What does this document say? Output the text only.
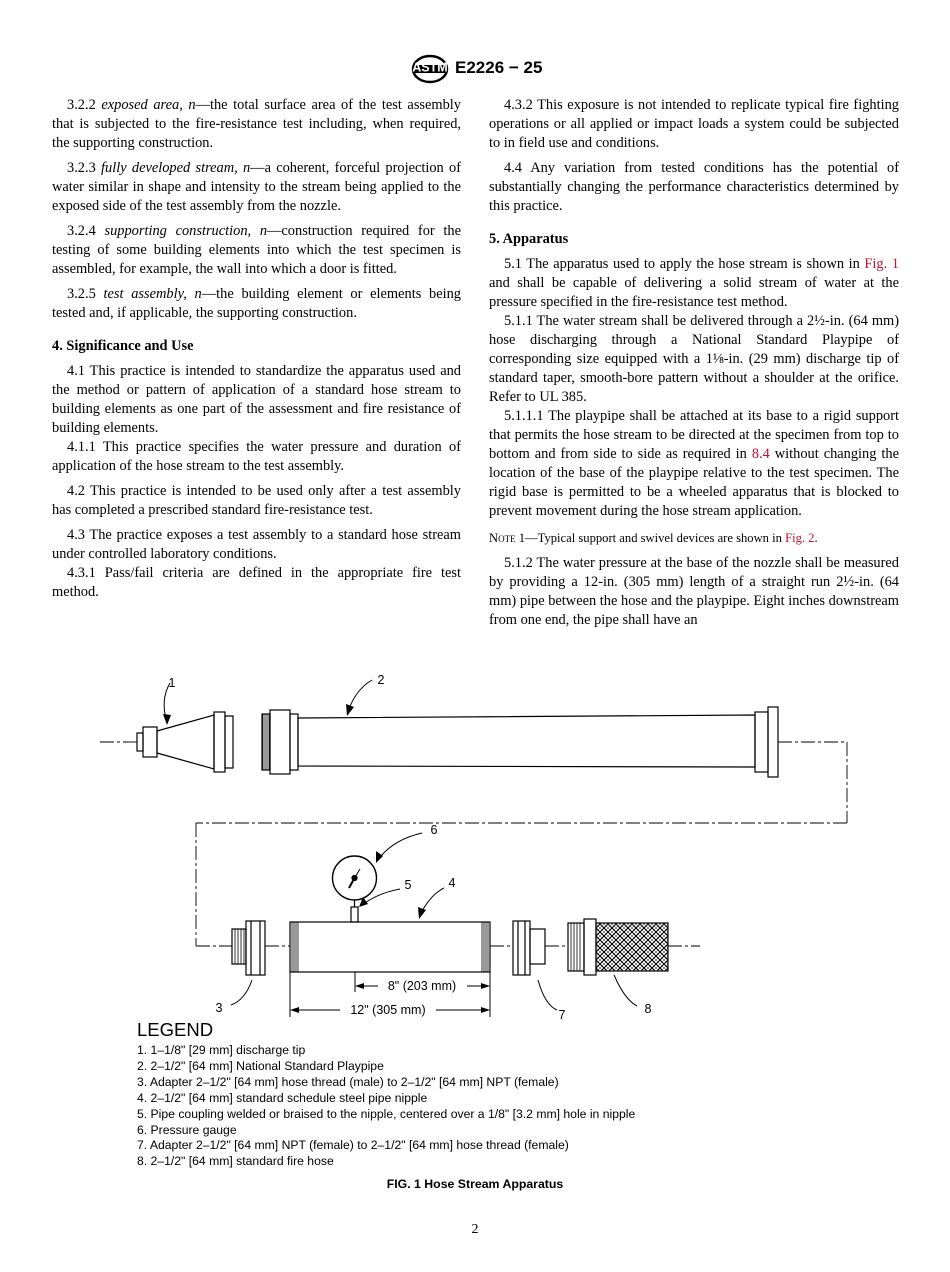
ASTM E2226 − 25

3.2.2 exposed area, n—the total surface area of the test assembly that is subjected to the fire-resistance test including, when required, the supporting construction.

3.2.3 fully developed stream, n—a coherent, forceful projection of water similar in shape and intensity to the stream being applied to the exposed side of the test assembly from the nozzle.

3.2.4 supporting construction, n—construction required for the testing of some building elements into which the test specimen is assembled, for example, the wall into which a door is fitted.

3.2.5 test assembly, n—the building element or elements being tested and, if applicable, the supporting construction.

4. Significance and Use

4.1 This practice is intended to standardize the apparatus used and the method or pattern of application of a standard hose stream to building elements as one part of the assessment and fire resistance of building elements.

4.1.1 This practice specifies the water pressure and duration of application of the hose stream to the test assembly.

4.2 This practice is intended to be used only after a test assembly has completed a prescribed standard fire-resistance test.

4.3 The practice exposes a test assembly to a standard hose stream under controlled laboratory conditions.

4.3.1 Pass/fail criteria are defined in the appropriate fire test method.

4.3.2 This exposure is not intended to replicate typical fire fighting operations or all applied or impact loads a system could be subjected to in field use and conditions.

4.4 Any variation from tested conditions has the potential of substantially changing the performance characteristics determined by this practice.

5. Apparatus

5.1 The apparatus used to apply the hose stream is shown in Fig. 1 and shall be capable of delivering a solid stream of water at the pressure specified in the fire-resistance test method.

5.1.1 The water stream shall be delivered through a 2½-in. (64 mm) hose discharging through a National Standard Playpipe of corresponding size equipped with a 1⅛-in. (29 mm) discharge tip of standard taper, smooth-bore pattern without a shoulder at the orifice. Refer to UL 385.

5.1.1.1 The playpipe shall be attached at its base to a rigid support that permits the hose stream to be directed at the specimen from top to bottom and from side to side as required in 8.4 without changing the location of the base of the playpipe relative to the test specimen. The rigid base is permitted to be a wheeled apparatus that is blocked to prevent movement during the hose stream application.

Note 1—Typical support and swivel devices are shown in Fig. 2.

5.1.2 The water pressure at the base of the nozzle shall be measured by providing a 12-in. (305 mm) length of a straight run 2½-in. (64 mm) pipe between the hose and the playpipe. Eight inches downstream from one end, the pipe shall have an

1	2
3
4
5
6
7	8
8" (203 mm)
12" (305 mm)
LEGEND
1. 1–1/8" [29 mm] discharge tip
2. 2–1/2" [64 mm] National Standard Playpipe
3. Adapter 2–1/2" [64 mm] hose thread (male) to 2–1/2" [64 mm] NPT (female)
4. 2–1/2" [64 mm] standard schedule steel pipe nipple
5. Pipe coupling welded or braised to the nipple, centered over a 1/8" [3.2 mm] hole in nipple
6. Pressure gauge
7. Adapter 2–1/2" [64 mm] NPT (female) to 2–1/2" [64 mm] hose thread (female)
8. 2–1/2" [64 mm] standard fire hose
FIG. 1 Hose Stream Apparatus
2
